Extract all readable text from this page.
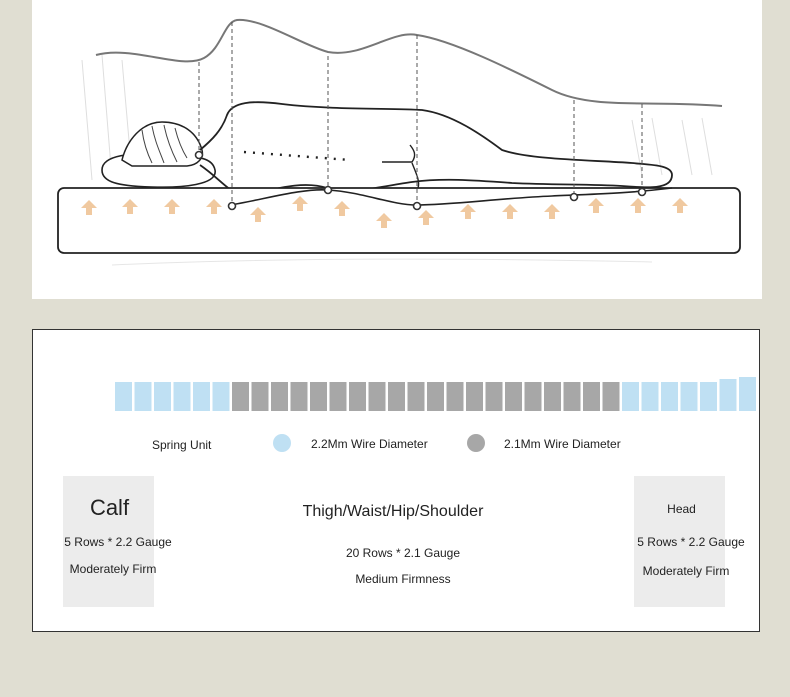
Spring Unit	2.2Mm Wire Diameter	2.1Mm Wire Diameter
Calf
5 Rows * 2.2 Gauge
Moderately Firm
Thigh/Waist/Hip/Shoulder
20 Rows * 2.1 Gauge
Medium Firmness
Head
5 Rows * 2.2 Gauge
Moderately Firm
